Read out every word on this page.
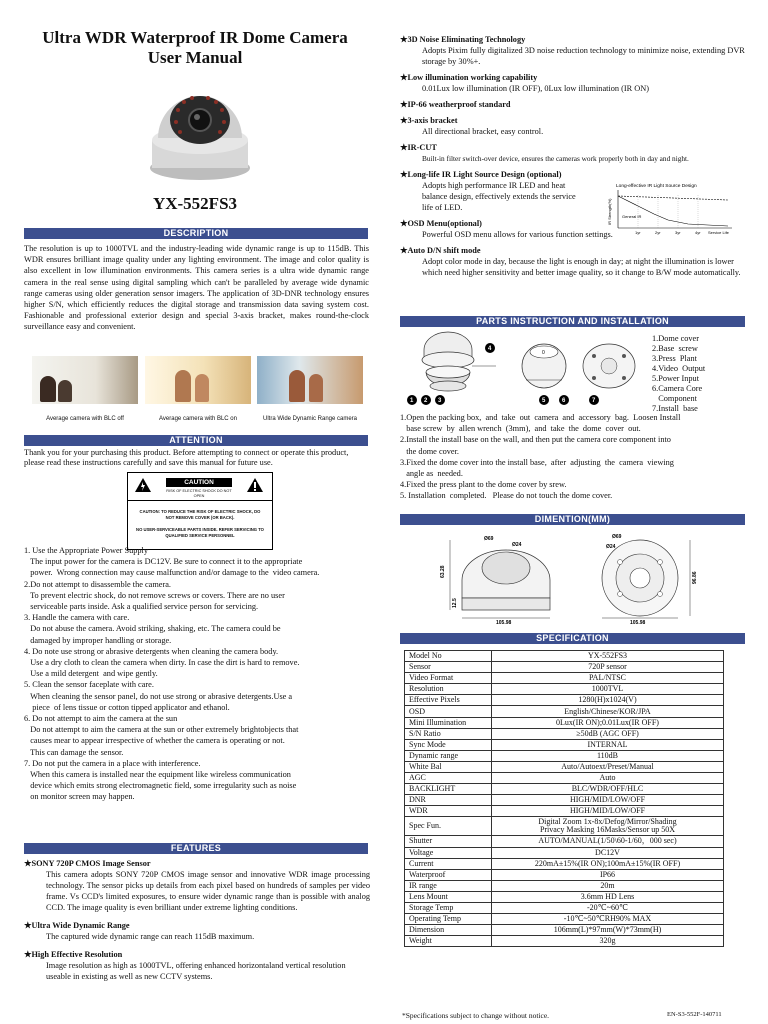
Ultra WDR Waterproof IR Dome Camera
User Manual
YX-552FS3
DESCRIPTION
The resolution is up to 1000TVL and the industry-leading wide dynamic range is up to 115dB. This WDR ensures brilliant image quality under any lighting environment. The image and color quality is also excellent in low illumination environments. This camera series is a ultra wide dynamic range camera in the real sense using digital sampling which can't be paralleled by average wide dynamic range cameras using older generation sensor imagers. The application of 3D-DNR technology ensures higher S/N, which efficiently reduces the digital storage and transmission data saving system cost. Fashionable and professional exterior design and special 3-axis bracket, makes round-the-clock surveillance easy and convenient.
Average camera with BLC off	Average camera with BLC on	Ultra Wide Dynamic Range camera
ATTENTION
Thank you for your purchasing this product. Before attempting to connect or operate this product, please read these instructions carefully and save this manual for future use.
CAUTION
RISK OF ELECTRIC SHOCK DO NOT OPEN
CAUTION: TO REDUCE THE RISK OF ELECTRIC SHOCK, DO NOT REMOVE COVER (OR BACK).
NO USER-SERVICEABLE PARTS INSIDE. REFER SERVICING TO QUALIFIED SERVICE PERSONNEL
1. Use the Appropriate Power Supply
The input power for the camera is DC12V. Be sure to connect it to the appropriate
power.  Wrong connection may cause malfunction and/or damage to the  video camera.
2.Do not attempt to disassemble the camera.
To prevent electric shock, do not remove screws or covers. There are no user
serviceable parts inside. Ask a qualified service person for servicing.
3. Handle the camera with care.
Do not abuse the camera. Avoid striking, shaking, etc. The camera could be
damaged by improper handling or storage.
4. Do note use strong or abrasive detergents when cleaning the camera body.
Use a dry cloth to clean the camera when dirty. In case the dirt is hard to remove.
Use a mild detergent  and wipe gently.
5. Clean the sensor faceplate with care.
When cleaning the sensor panel, do not use strong or abrasive detergents.Use a
piece  of lens tissue or cotton tipped applicator and ethanol.
6. Do not attempt to aim the camera at the sun
Do not attempt to aim the camera at the sun or other extremely brightobjects that
causes mear to appear irrespective of whether the camera is operating or not.
This can damage the sensor.
7. Do not put the camera in a place with interference.
When this camera is installed near the equipment like wireless communication
device which emits strong electromagnetic field, some irregularity such as noise
on monitor screen may happen.
FEATURES
★SONY 720P CMOS Image Sensor
This camera adopts SONY 720P CMOS image sensor and innovative WDR image processing technology. The sensor picks up details from each pixel based on hundreds of samples per video frame. Vs CCD's limited exposures, to ensure wider dynamic range than is possible with analog CCD. The image quality is even brilliant under extreme lighting conditions.
★Ultra Wide Dynamic Range
The captured wide dynamic range can reach 115dB maximum.
★High Effective Resolution
Image resolution as high as 1000TVL, offering enhanced horizontaland vertical resolution useable in existing as well as new CCTV systems.
★3D Noise Eliminating Technology
Adopts Pixim fully digitalized 3D noise reduction technology to minimize noise, extending DVR storage by 30%+.
★Low illumination working capability
0.01Lux low illumination (IR OFF), 0Lux low illumination (IR ON)
★IP-66 weatherproof standard
★3-axis bracket
All directional bracket, easy control.
★IR-CUT
Built-in filter switch-over device, ensures the cameras work properly both in day and night.
★Long-life IR Light Source Design (optional)
Adopts high performance IR LED and heat balance design, effectively extends the service life of LED.
★OSD Menu(optional)
Powerful OSD menu allows for various function settings.
★Auto D/N shift mode
Adopt color mode in day, because the light is enough in day; at night the illumination is lower which need higher sensitivity and better image quality, so it change to B/W mode automatically.
Long-effective IR Light Source Design
IR Strength(%)	General IR
1yr	2yr	3yr	4yr Service Life
PARTS INSTRUCTION AND INSTALLATION
0
1 2 3
4
5	6	7
1.Dome cover
2.Base  screw
3.Press  Plant
4.Video  Output
5.Power Input
6.Camera Core
Component
7.Install  base
1.Open the packing box,  and  take  out  camera  and  accessory  bag.  Loosen Install
base screw  by  allen wrench  (3mm),  and  take  the  dome  cover  out.
2.Install the install base on the wall, and then put the camera core component into
the dome cover.
3.Fixed the dome cover into the install base,  after  adjusting  the  camera  viewing
angle as  needed.
4.Fixed the press plant to the dome cover by srew.
5. Installation  completed.   Please do not touch the dome cover.
DIMENTION(MM)
Ø69
Ø24
63.28
12.5
105.98
Ø69
Ø24
96.86
105.98
SPECIFICATION
Model No	YX-552FS3
Sensor	720P sensor
Video Format	PAL/NTSC
Resolution	1000TVL
Effective Pixels	1280(H)x1024(V)
OSD	English/Chinese/KOR/JPA
Mini Illumination	0Lux(IR ON);0.01Lux(IR OFF)
S/N Ratio	≥50dB (AGC OFF)
Sync Mode	INTERNAL
Dynamic range	110dB
White Bal	Auto/Autoext/Preset/Manual
AGC	Auto
BACKLIGHT	BLC/WDR/OFF/HLC
DNR	HIGH/MID/LOW/OFF
WDR	HIGH/MID/LOW/OFF
Spec Fun.	Digital Zoom 1x-8x/Defog/Mirror/Shading
Privacy Masking 16Masks/Sensor up 50X
Shutter	AUTO/MANUAL(1/50\60-1/60，000 sec)
Voltage	DC12V
Current	220mA±15%(IR ON);100mA±15%(IR OFF)
Waterproof	IP66
IR range	20m
Lens Mount	3.6mm HD Lens
Storage Temp	-20℃~60℃
Operating Temp	-10℃~50℃RH90% MAX
Dimension	106mm(L)*97mm(W)*73mm(H)
Weight	320g
*Specifications subject to change without notice.	EN-S3-552F-140711
